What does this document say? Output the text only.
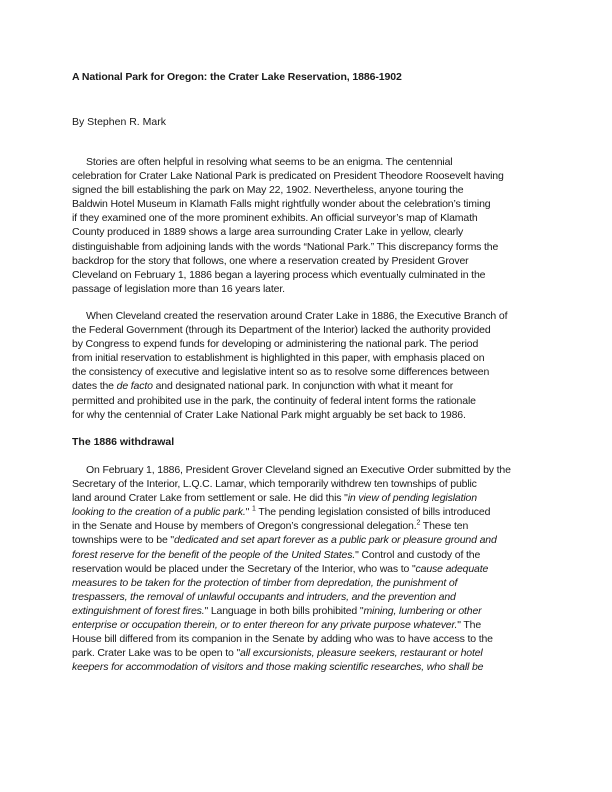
A National Park for Oregon: the Crater Lake Reservation, 1886-1902
By Stephen R. Mark
Stories are often helpful in resolving what seems to be an enigma. The centennial
celebration for Crater Lake National Park is predicated on President Theodore Roosevelt having
signed the bill establishing the park on May 22, 1902. Nevertheless, anyone touring the
Baldwin Hotel Museum in Klamath Falls might rightfully wonder about the celebration’s timing
if they examined one of the more prominent exhibits. An official surveyor’s map of Klamath
County produced in 1889 shows a large area surrounding Crater Lake in yellow, clearly
distinguishable from adjoining lands with the words “National Park.” This discrepancy forms the
backdrop for the story that follows, one where a reservation created by President Grover
Cleveland on February 1, 1886 began a layering process which eventually culminated in the
passage of legislation more than 16 years later.
When Cleveland created the reservation around Crater Lake in 1886, the Executive Branch of
the Federal Government (through its Department of the Interior) lacked the authority provided
by Congress to expend funds for developing or administering the national park. The period
from initial reservation to establishment is highlighted in this paper, with emphasis placed on
the consistency of executive and legislative intent so as to resolve some differences between
dates the de facto and designated national park. In conjunction with what it meant for
permitted and prohibited use in the park, the continuity of federal intent forms the rationale
for why the centennial of Crater Lake National Park might arguably be set back to 1986.
The 1886 withdrawal
On February 1, 1886, President Grover Cleveland signed an Executive Order submitted by the
Secretary of the Interior, L.Q.C. Lamar, which temporarily withdrew ten townships of public
land around Crater Lake from settlement or sale. He did this "in view of pending legislation
looking to the creation of a public park." $^1$ The pending legislation consisted of bills introduced
in the Senate and House by members of Oregon’s congressional delegation.$^2$ These ten
townships were to be "dedicated and set apart forever as a public park or pleasure ground and
forest reserve for the benefit of the people of the United States." Control and custody of the
reservation would be placed under the Secretary of the Interior, who was to "cause adequate
measures to be taken for the protection of timber from depredation, the punishment of
trespassers, the removal of unlawful occupants and intruders, and the prevention and
extinguishment of forest fires." Language in both bills prohibited "mining, lumbering or other
enterprise or occupation therein, or to enter thereon for any private purpose whatever." The
House bill differed from its companion in the Senate by adding who was to have access to the
park. Crater Lake was to be open to "all excursionists, pleasure seekers, restaurant or hotel
keepers for accommodation of visitors and those making scientific researches, who shall be
